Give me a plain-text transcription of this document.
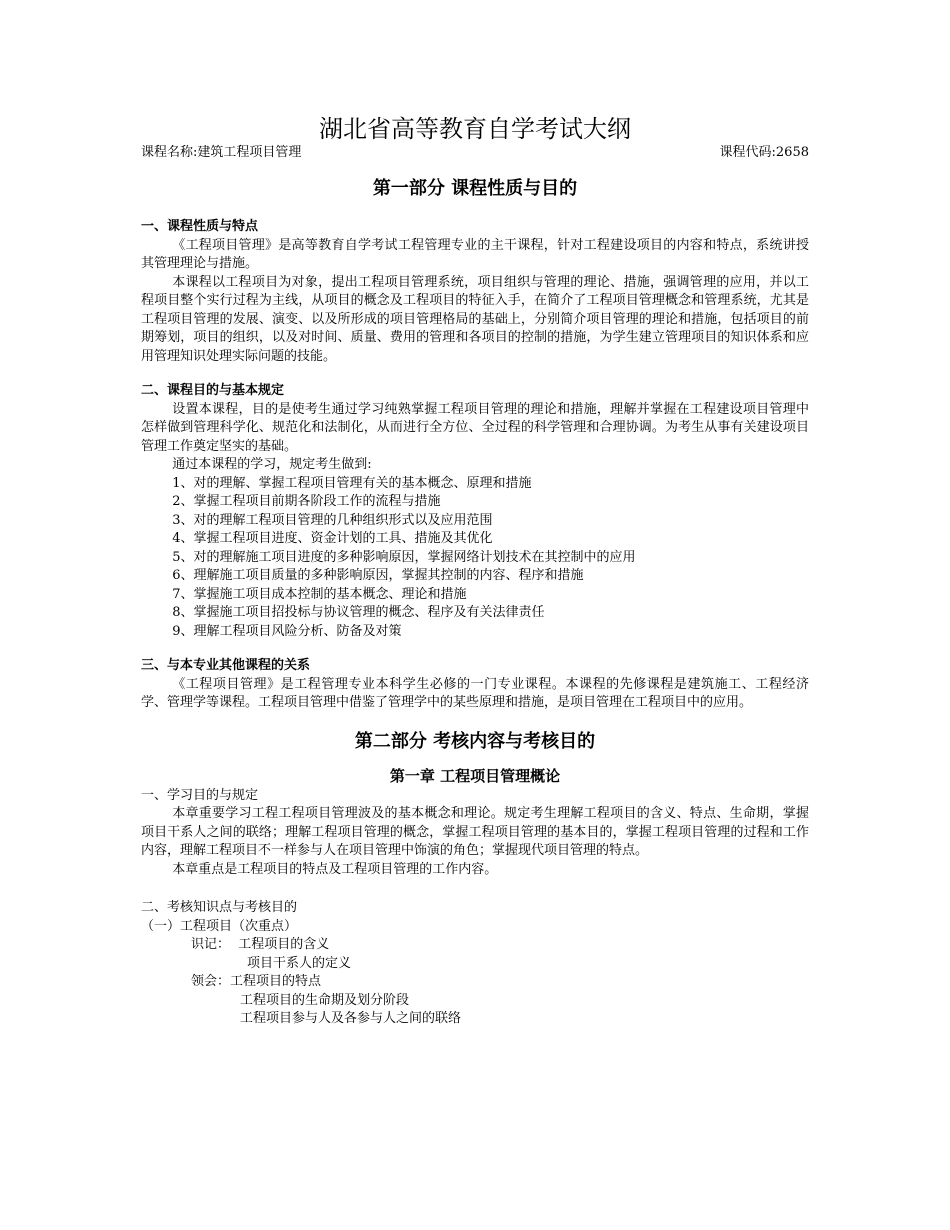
湖北省高等教育自学考试大纲
课程名称:建筑工程项目管理	课程代码:2658
第一部分 课程性质与目的
一、课程性质与特点

《工程项目管理》是高等教育自学考试工程管理专业的主干课程，针对工程建设项目的内容和特点，系统讲授其管理理论与措施。

本课程以工程项目为对象，提出工程项目管理系统，项目组织与管理的理论、措施，强调管理的应用，并以工程项目整个实行过程为主线，从项目的概念及工程项目的特征入手，在简介了工程项目管理概念和管理系统，尤其是工程项目管理的发展、演变、以及所形成的项目管理格局的基础上，分别简介项目管理的理论和措施，包括项目的前期筹划，项目的组织，以及对时间、质量、费用的管理和各项目的控制的措施，为学生建立管理项目的知识体系和应用管理知识处理实际问题的技能。

二、课程目的与基本规定

设置本课程，目的是使考生通过学习纯熟掌握工程项目管理的理论和措施，理解并掌握在工程建设项目管理中怎样做到管理科学化、规范化和法制化，从而进行全方位、全过程的科学管理和合理协调。为考生从事有关建设项目管理工作奠定坚实的基础。

通过本课程的学习，规定考生做到:

1、对的理解、掌握工程项目管理有关的基本概念、原理和措施
2、掌握工程项目前期各阶段工作的流程与措施
3、对的理解工程项目管理的几种组织形式以及应用范围
4、掌握工程项目进度、资金计划的工具、措施及其优化
5、对的理解施工项目进度的多种影响原因，掌握网络计划技术在其控制中的应用
6、理解施工项目质量的多种影响原因，掌握其控制的内容、程序和措施
7、掌握施工项目成本控制的基本概念、理论和措施
8、掌握施工项目招投标与协议管理的概念、程序及有关法律责任
9、理解工程项目风险分析、防备及对策
三、与本专业其他课程的关系

《工程项目管理》是工程管理专业本科学生必修的一门专业课程。本课程的先修课程是建筑施工、工程经济学、管理学等课程。工程项目管理中借鉴了管理学中的某些原理和措施，是项目管理在工程项目中的应用。

第二部分 考核内容与考核目的
第一章 工程项目管理概论
一、学习目的与规定

本章重要学习工程工程项目管理波及的基本概念和理论。规定考生理解工程项目的含义、特点、生命期，掌握项目干系人之间的联络；理解工程项目管理的概念，掌握工程项目管理的基本目的，掌握工程项目管理的过程和工作内容，理解工程项目不一样参与人在项目管理中饰演的角色；掌握现代项目管理的特点。

本章重点是工程项目的特点及工程项目管理的工作内容。

二、考核知识点与考核目的
（一）工程项目（次重点）
识记：  工程项目的含义
项目干系人的定义
领会：工程项目的特点
工程项目的生命期及划分阶段
工程项目参与人及各参与人之间的联络
